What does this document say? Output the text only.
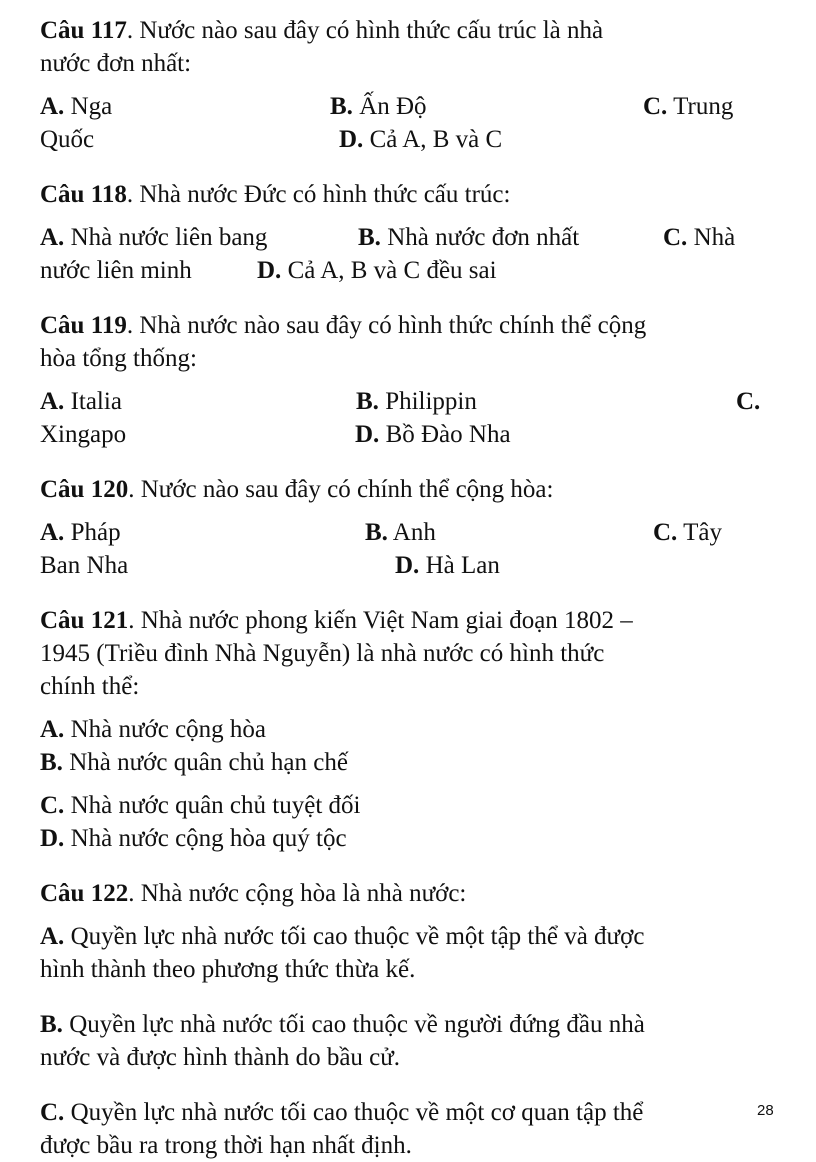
Câu 117. Nước nào sau đây có hình thức cấu trúc là nhà
nước đơn nhất:
A. Nga	B. Ấn Độ	C. Trung
Quốc	D. Cả A, B và C
Câu 118. Nhà nước Đức có hình thức cấu trúc:
A. Nhà nước liên bang	B. Nhà nước đơn nhất	C. Nhà
nước liên minh	D. Cả A, B và C đều sai
Câu 119. Nhà nước nào sau đây có hình thức chính thể cộng
hòa tổng thống:
A. Italia	B. Philippin	C.
Xingapo	D. Bồ Đào Nha
Câu 120. Nước nào sau đây có chính thể cộng hòa:
A. Pháp	B. Anh	C. Tây
Ban Nha	D. Hà Lan
Câu 121. Nhà nước phong kiến Việt Nam giai đoạn 1802 –
1945 (Triều đình Nhà Nguyễn) là nhà nước có hình thức
chính thể:
A. Nhà nước cộng hòa
B. Nhà nước quân chủ hạn chế
C. Nhà nước quân chủ tuyệt đối
D. Nhà nước cộng hòa quý tộc
Câu 122. Nhà nước cộng hòa là nhà nước:
A. Quyền lực nhà nước tối cao thuộc về một tập thể và được
hình thành theo phương thức thừa kế.
B. Quyền lực nhà nước tối cao thuộc về người đứng đầu nhà
nước và được hình thành do bầu cử.
C. Quyền lực nhà nước tối cao thuộc về một cơ quan tập thể
được bầu ra trong thời hạn nhất định.
28
